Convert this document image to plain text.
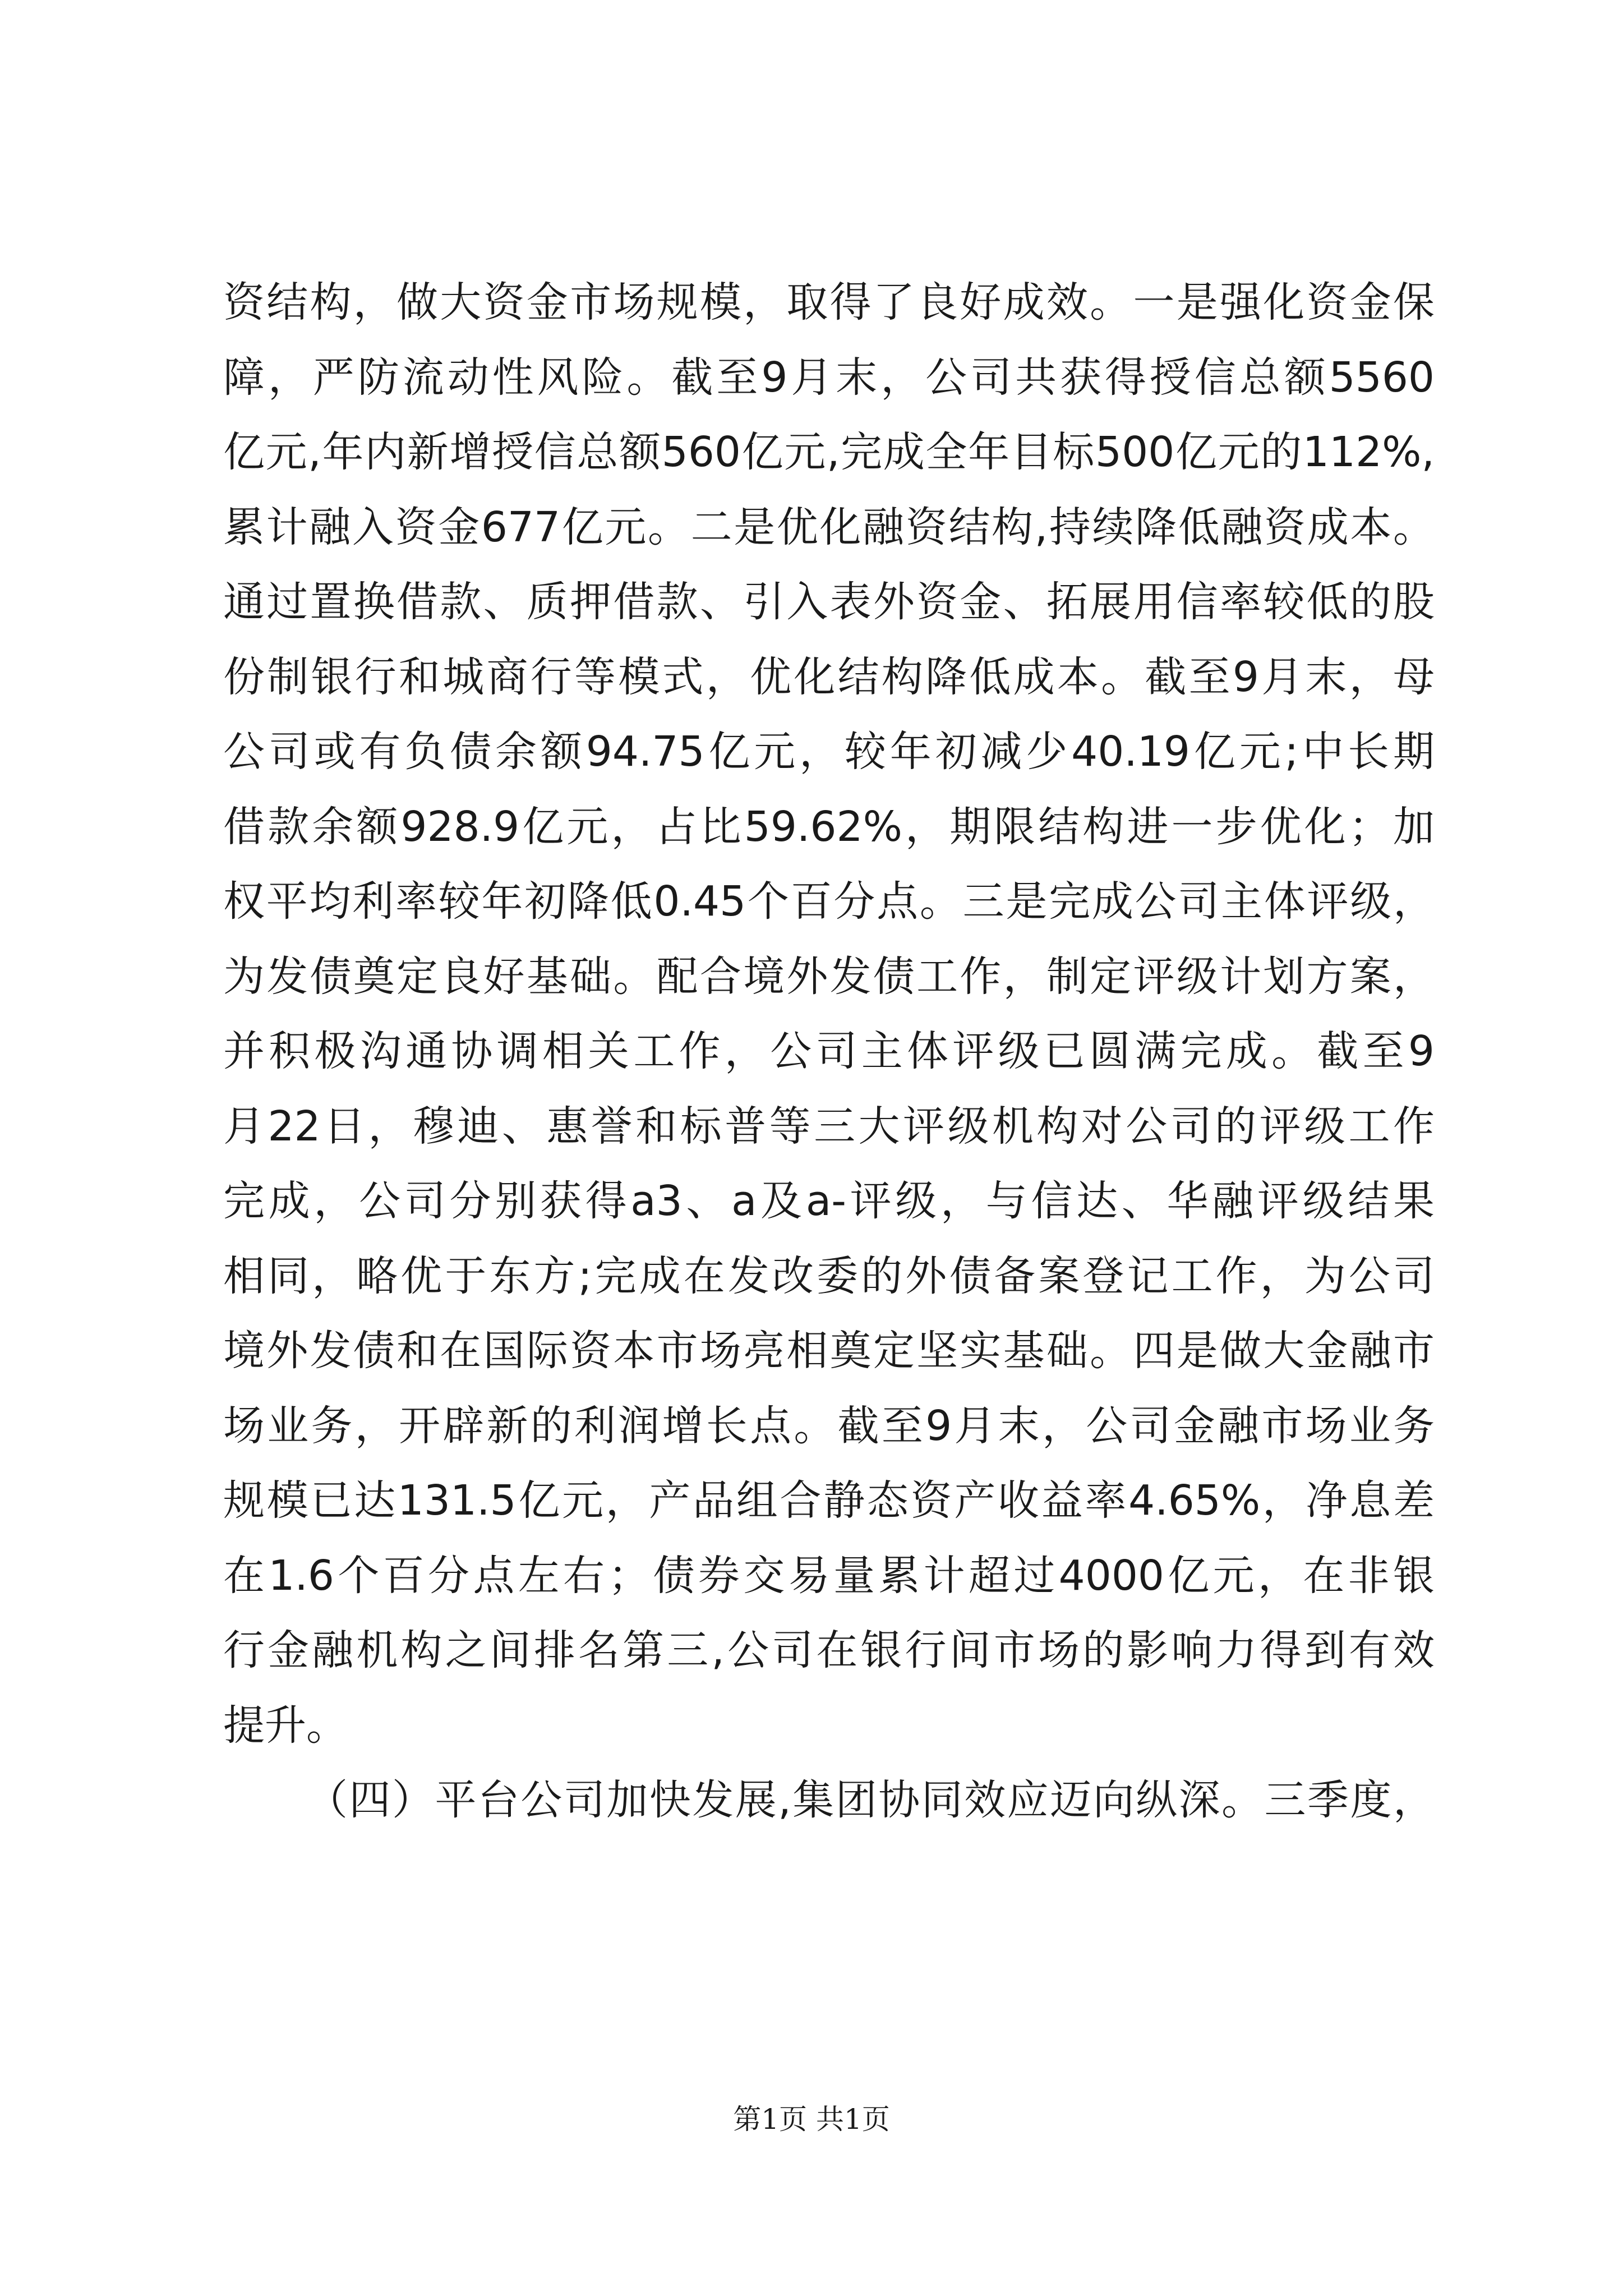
资结构，做大资金市场规模，取得了良好成效。一是强化资金保
障，严防流动性风险。截至9月末，公司共获得授信总额5560
亿元,年内新增授信总额560亿元,完成全年目标500亿元的112%,
累计融入资金677亿元。二是优化融资结构,持续降低融资成本。
通过置换借款、质押借款、引入表外资金、拓展用信率较低的股
份制银行和城商行等模式，优化结构降低成本。截至9月末，母
公司或有负债余额94.75亿元，较年初减少40.19亿元;中长期
借款余额928.9亿元，占比59.62%，期限结构进一步优化；加
权平均利率较年初降低0.45个百分点。三是完成公司主体评级，
为发债奠定良好基础。配合境外发债工作，制定评级计划方案，
并积极沟通协调相关工作，公司主体评级已圆满完成。截至9
月22日，穆迪、惠誉和标普等三大评级机构对公司的评级工作
完成，公司分别获得a3、a及a-评级，与信达、华融评级结果
相同，略优于东方;完成在发改委的外债备案登记工作，为公司
境外发债和在国际资本市场亮相奠定坚实基础。四是做大金融市
场业务，开辟新的利润增长点。截至9月末，公司金融市场业务
规模已达131.5亿元，产品组合静态资产收益率4.65%，净息差
在1.6个百分点左右；债券交易量累计超过4000亿元，在非银
行金融机构之间排名第三,公司在银行间市场的影响力得到有效
提升。
（四）平台公司加快发展,集团协同效应迈向纵深。三季度，
第1页 共1页
